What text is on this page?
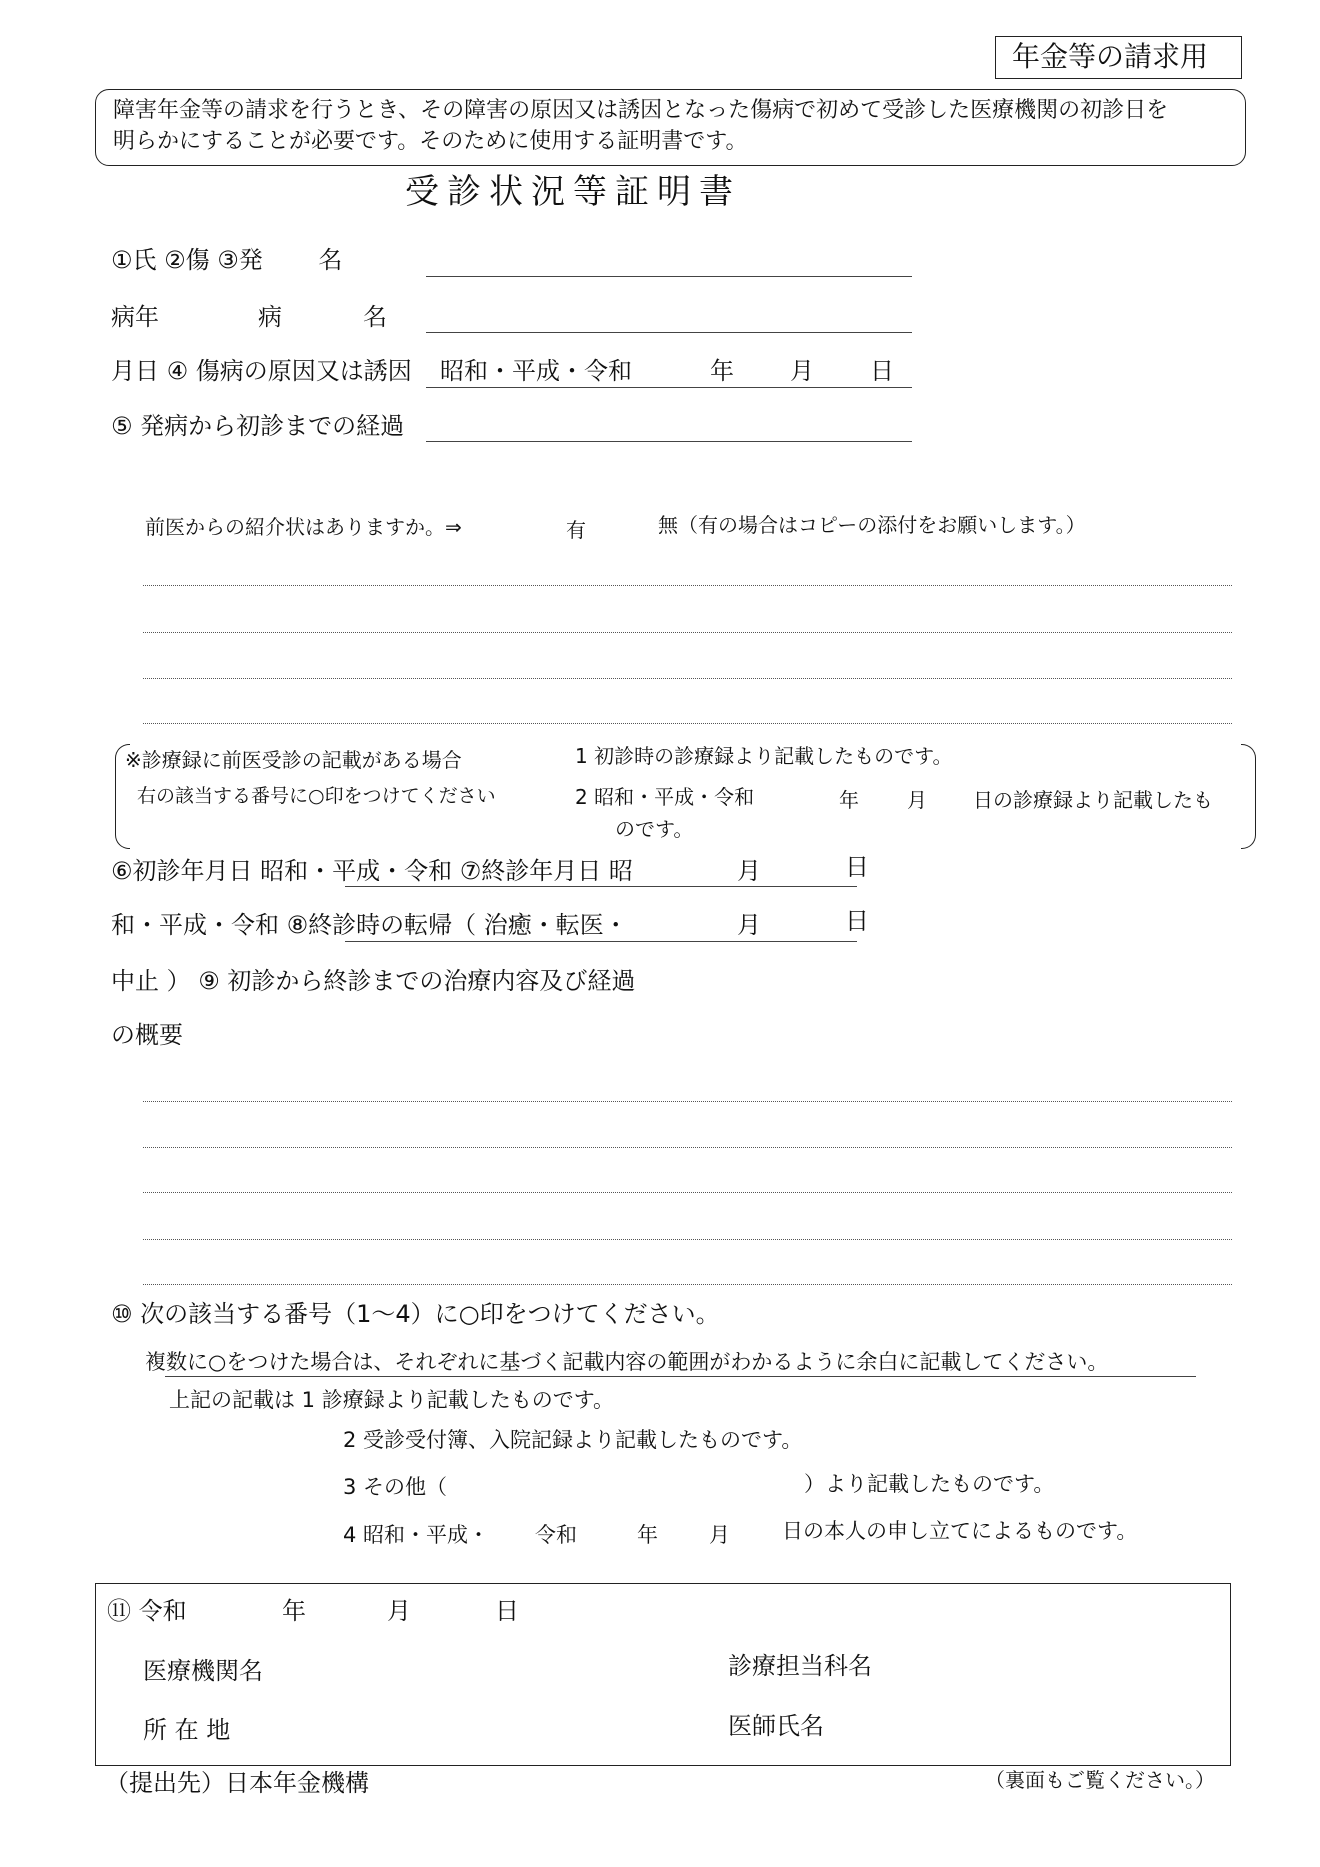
年金等の請求用
障害年金等の請求を行うとき、その障害の原因又は誘因となった傷病で初めて受診した医療機関の初診日を
明らかにすることが必要です。そのために使用する証明書です。
受診状況等証明書
①氏 ②傷 ③発　　 名
病年	病	名
月日 ④ 傷病の原因又は誘因 昭和・平成・令和	年 月 日
⑤ 発病から初診までの経過
前医からの紹介状はありますか。⇒	有	無（有の場合はコピーの添付をお願いします。）
※診療録に前医受診の記載がある場合
右の該当する番号に○印をつけてください
1 初診時の診療録より記載したものです。
2 昭和・平成・令和	年 月 日の診療録より記載したも
のです。
⑥初診年月日 昭和・平成・令和 ⑦終診年月日 昭	月	日
和・平成・令和 ⑧終診時の転帰（ 治癒・転医・	月	日
中止 ） ⑨ 初診から終診までの治療内容及び経過
の概要
⑩ 次の該当する番号（1～4）に○印をつけてください。
複数に○をつけた場合は、それぞれに基づく記載内容の範囲がわかるように余白に記載してください。
上記の記載は 1 診療録より記載したものです。
2 受診受付簿、入院記録より記載したものです。
3 その他（	）より記載したものです。
4 昭和・平成・ 令和	年 月 日の本人の申し立てによるものです。
⑪ 令和	年	月	日
医療機関名	診療担当科名
所 在 地	医師氏名
（提出先）日本年金機構	（裏面もご覧ください。）
